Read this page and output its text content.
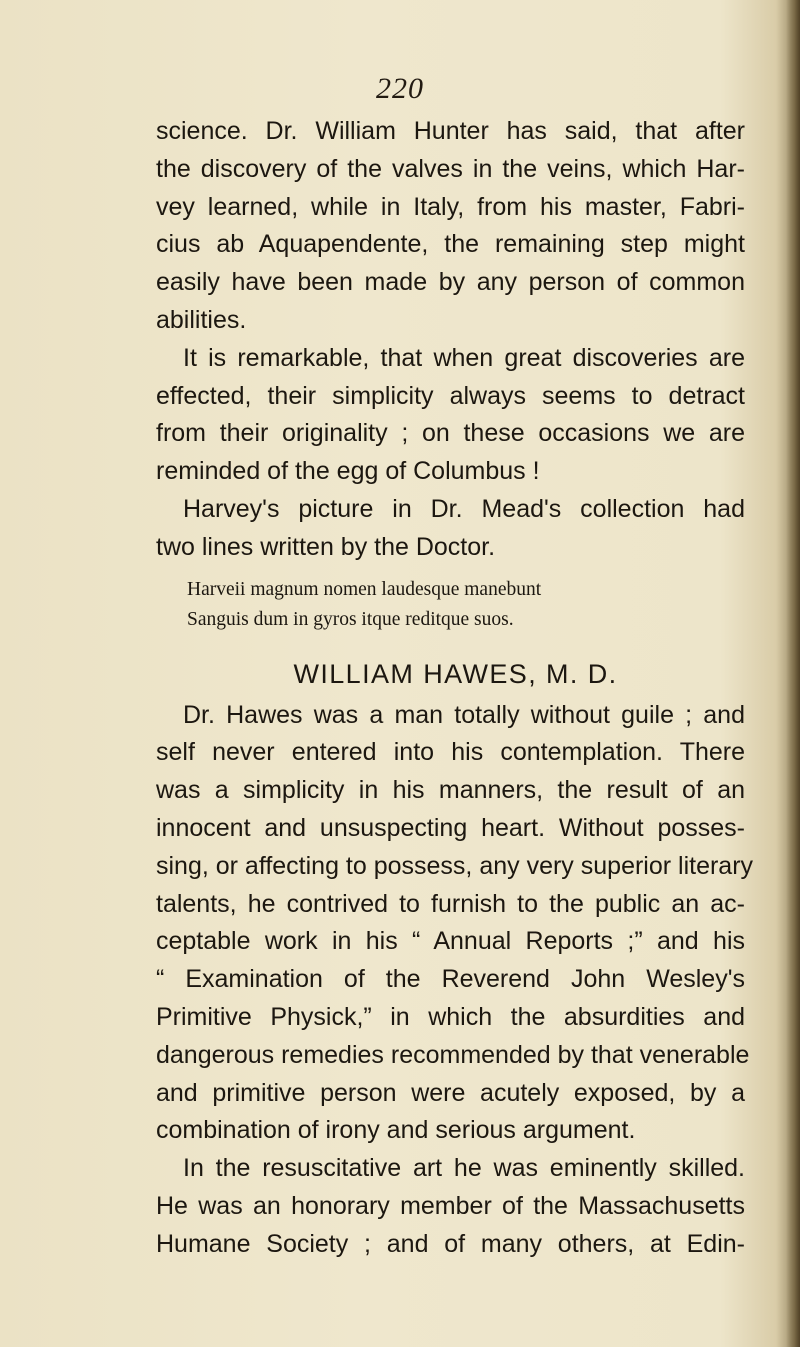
220
science. Dr. William Hunter has said, that after
the discovery of the valves in the veins, which Har-
vey learned, while in Italy, from his master, Fabri-
cius ab Aquapendente, the remaining step might
easily have been made by any person of common
abilities.
It is remarkable, that when great discoveries are
effected, their simplicity always seems to detract
from their originality ; on these occasions we are
reminded of the egg of Columbus !
Harvey's picture in Dr. Mead's collection had
two lines written by the Doctor.
Harveii magnum nomen laudesque manebunt
Sanguis dum in gyros itque reditque suos.
WILLIAM HAWES, M. D.
Dr. Hawes was a man totally without guile ; and
self never entered into his contemplation. There
was a simplicity in his manners, the result of an
innocent and unsuspecting heart. Without posses-
sing, or affecting to possess, any very superior literary
talents, he contrived to furnish to the public an ac-
ceptable work in his “ Annual Reports ;” and his
“ Examination of the Reverend John Wesley's
Primitive Physick,” in which the absurdities and
dangerous remedies recommended by that venerable
and primitive person were acutely exposed, by a
combination of irony and serious argument.
In the resuscitative art he was eminently skilled.
He was an honorary member of the Massachusetts
Humane Society ; and of many others, at Edin-
